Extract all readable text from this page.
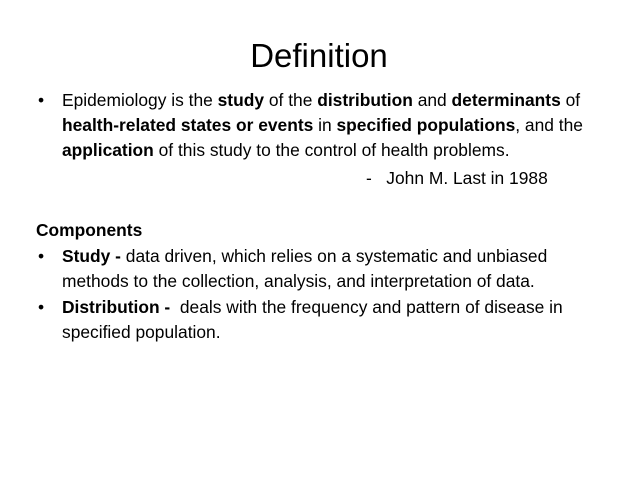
Definition
• Epidemiology is the study of the distribution and determinants of health-related states or events in specified populations, and the application of this study to the control of health problems.
-   John M. Last in 1988
Components
• Study - data driven, which relies on a systematic and unbiased methods to the collection, analysis, and interpretation of data.
• Distribution -  deals with the frequency and pattern of disease in specified population.
